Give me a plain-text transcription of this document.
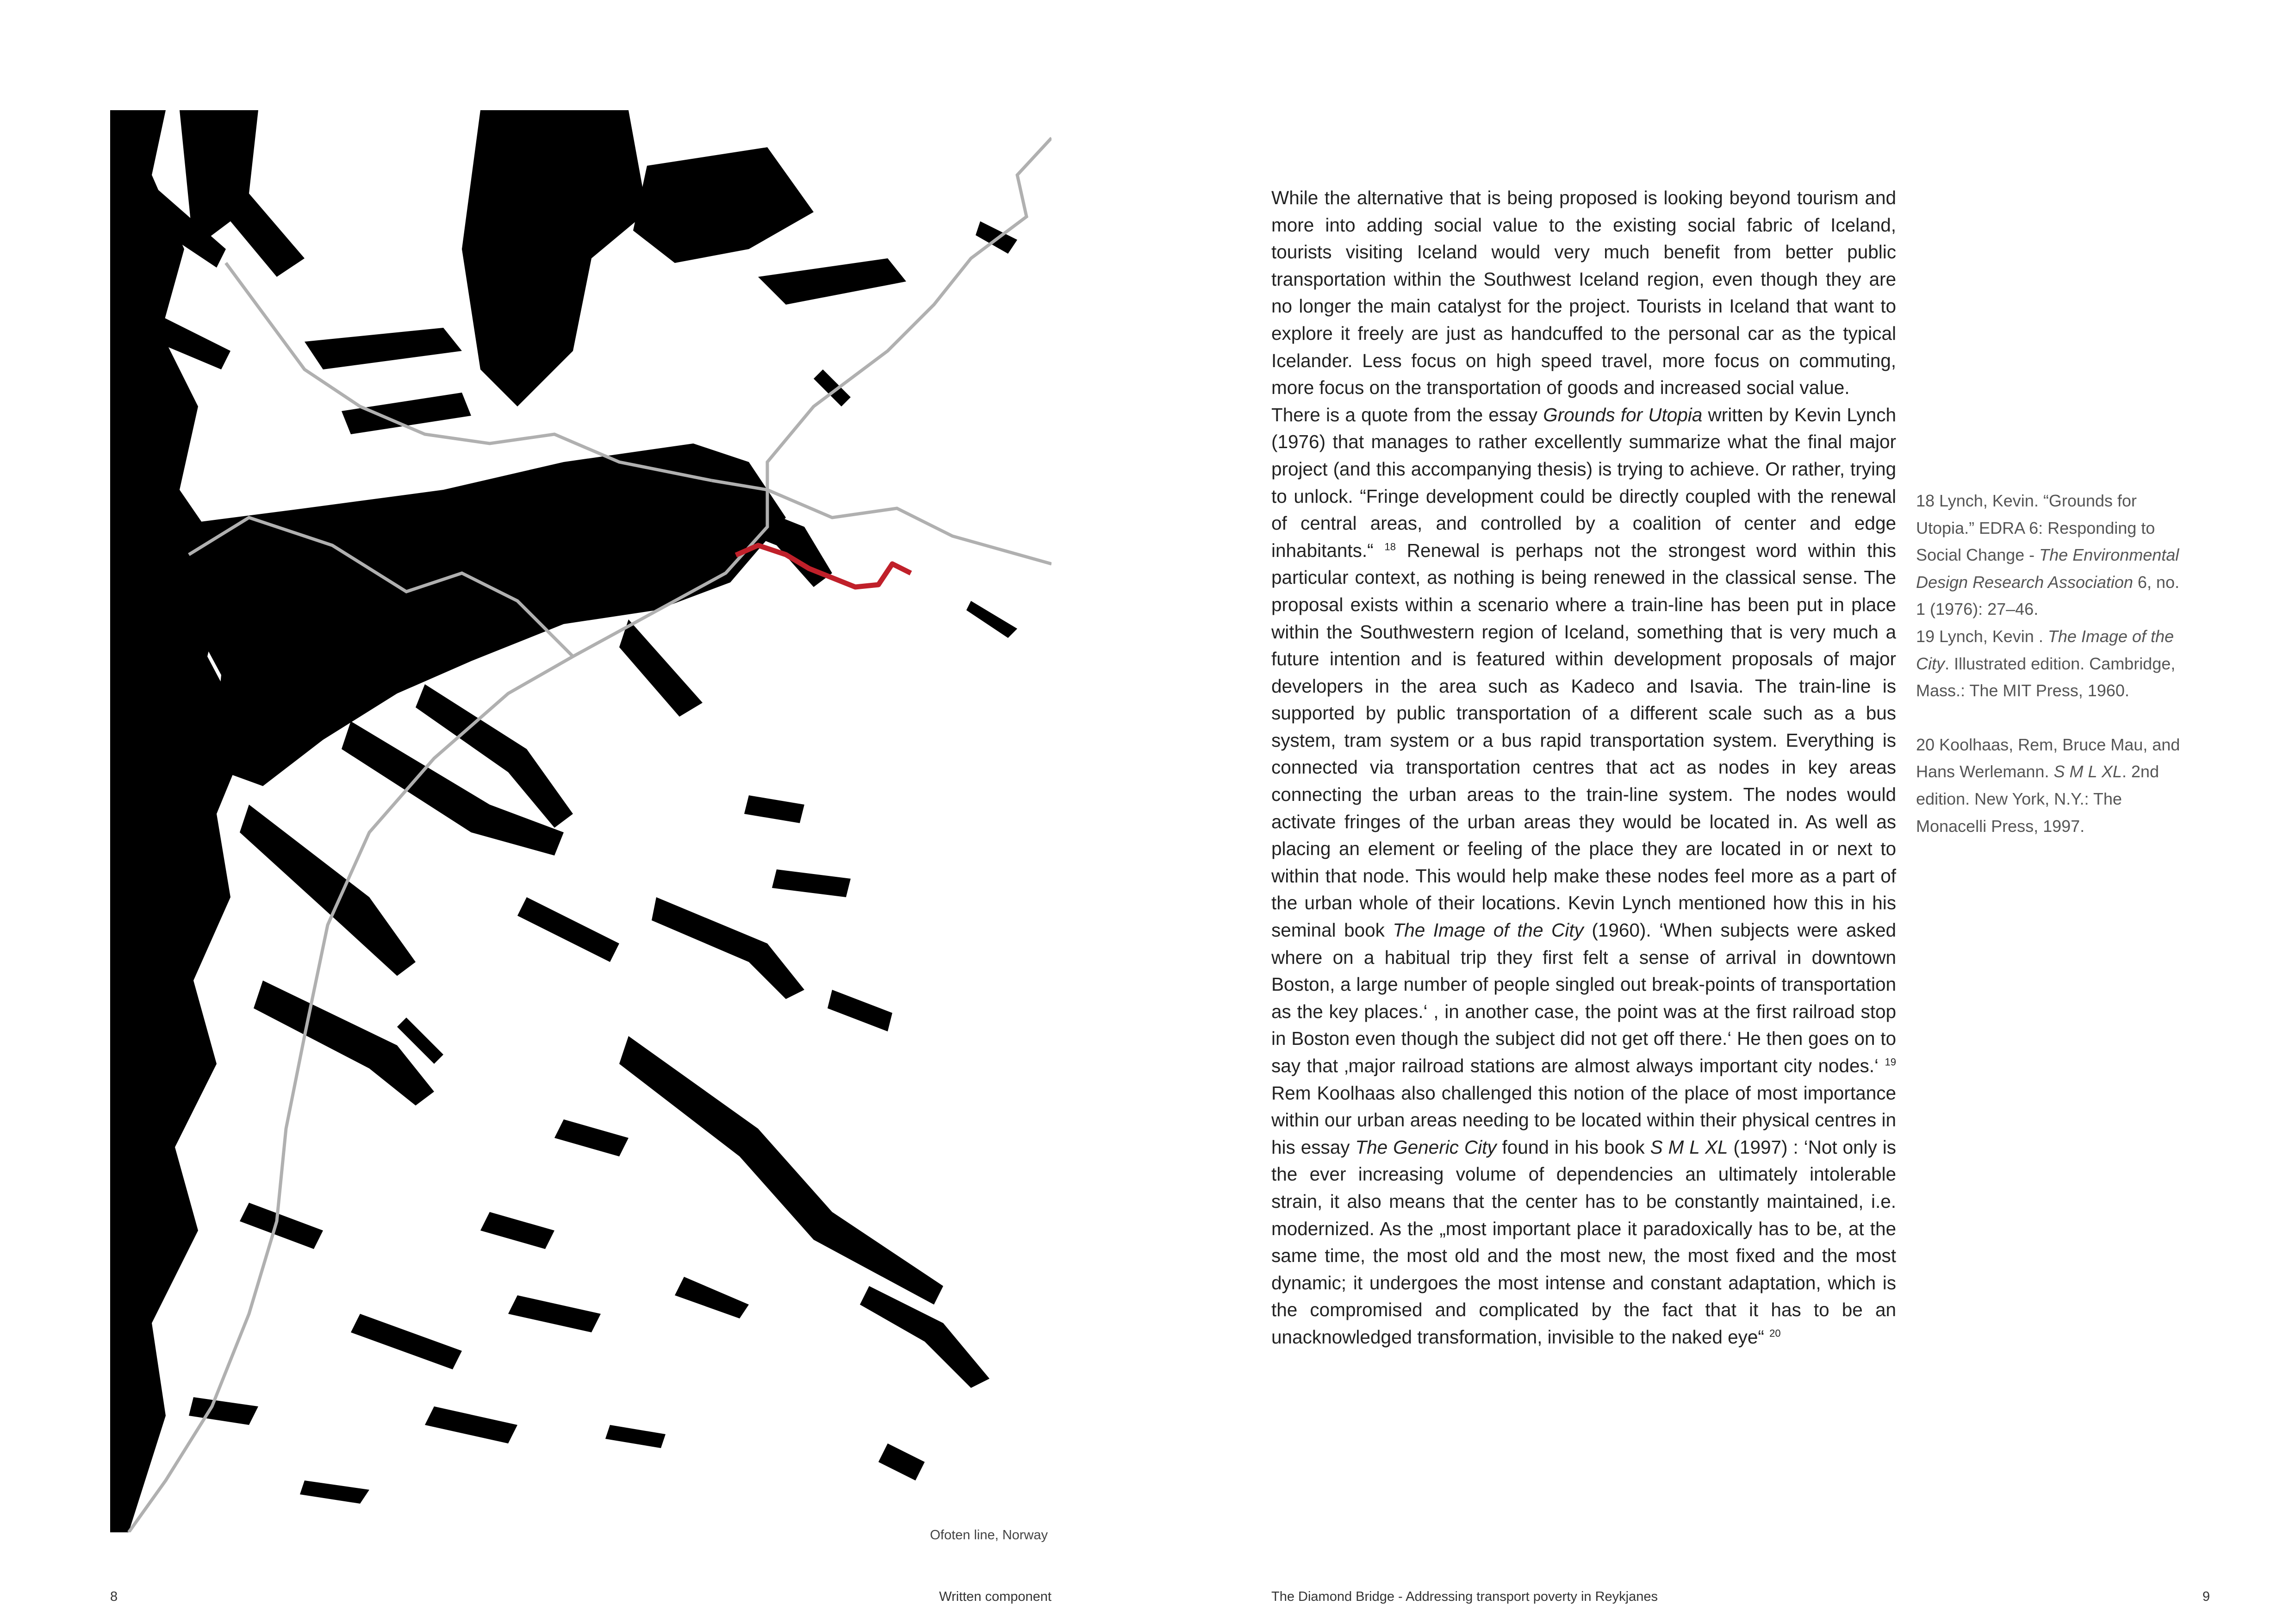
Ofoten line, Norway

While the alternative that is being proposed is looking beyond tourism and more into adding social value to the existing social fabric of Iceland, tourists visiting Iceland would very much benefit from better public transportation within the Southwest Iceland region, even though they are no longer the main catalyst for the project. Tourists in Iceland that want to explore it freely are just as handcuffed to the personal car as the typical Icelander. Less focus on high speed travel, more focus on commuting, more focus on the transportation of goods and increased social value.

There is a quote from the essay Grounds for Utopia written by Kevin Lynch (1976) that manages to rather excellently summarize what the final major project (and this accompanying thesis) is trying to achieve. Or rather, trying to unlock. “Fringe development could be directly coupled with the renewal of central areas, and controlled by a coalition of center and edge inhabitants.“ $^{18}$ Renewal is perhaps not the strongest word within this particular context, as nothing is being renewed in the classical sense. The proposal exists within a scenario where a train-line has been put in place within the Southwestern region of Iceland, something that is very much a future intention and is featured within development proposals of major developers in the area such as Kadeco and Isavia. The train-line is supported by public transportation of a different scale such as a bus system, tram system or a bus rapid transportation system. Everything is connected via transportation centres that act as nodes in key areas connecting the urban areas to the train-line system. The nodes would activate fringes of the urban areas they would be located in. As well as placing an element or feeling of the place they are located in or next to within that node. This would help make these nodes feel more as a part of the urban whole of their locations. Kevin Lynch mentioned how this in his seminal book The Image of the City (1960). ‘When subjects were asked where on a habitual trip they first felt a sense of arrival in downtown Boston, a large number of people singled out break-points of transportation as the key places.‘ , in another case, the point was at the first railroad stop in Boston even though the subject did not get off there.‘ He then goes on to say that ‚major railroad stations are almost always important city nodes.‘ $^{19}$ Rem Koolhaas also challenged this notion of the place of most importance within our urban areas needing to be located within their physical centres in his essay The Generic City found in his book S M L XL (1997) : ‘Not only is the ever increasing volume of dependencies an ultimately intolerable strain, it also means that the center has to be constantly maintained, i.e. modernized. As the „most important place it paradoxically has to be, at the same time, the most old and the most new, the most fixed and the most dynamic; it undergoes the most intense and constant adaptation, which is the compromised and complicated by the fact that it has to be an unacknowledged transformation, invisible to the naked eye“ $^{20}$

18 Lynch, Kevin. “Grounds for Utopia.” EDRA 6: Responding to Social Change - The Environmental Design Research Association 6, no. 1 (1976): 27–46.

19 Lynch, Kevin . The Image of the City. Illustrated edition. Cambridge, Mass.: The MIT Press, 1960.

20 Koolhaas, Rem, Bruce Mau, and Hans Werlemann. S M L XL. 2nd edition. New York, N.Y.: The Monacelli Press, 1997.

8	Written component	The Diamond Bridge - Addressing transport poverty in Reykjanes	9
